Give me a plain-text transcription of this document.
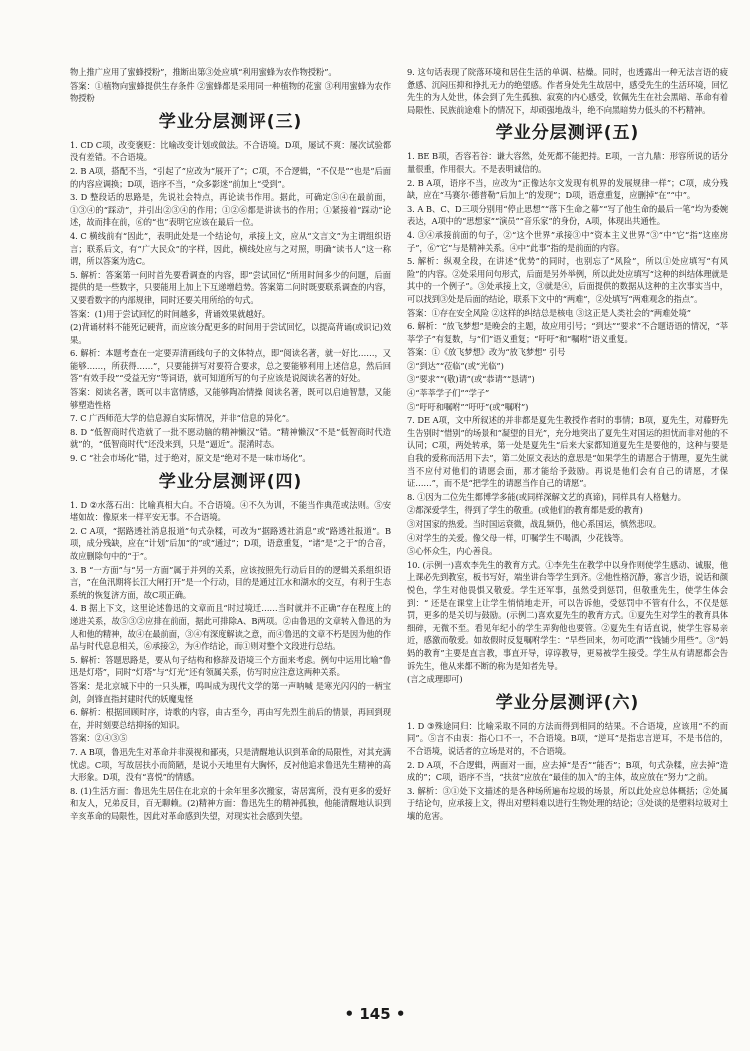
物上推广应用了蜜蜂授粉”，推断出第③处应填“利用蜜蜂为农作物授粉”。

答案：①植物向蜜蜂提供生存条件 ②蜜蜂都是采用同一种植物的花蜜 ③利用蜜蜂为农作物授粉

学业分层测评(三)

1. CD C项，改变褒贬：比喻改变计划或做法。不合语境。D项，屡试不爽：屡次试验都没有差错。不合语境。

2. B A项，搭配不当，“引起了”应改为“展开了”；C项，不合逻辑，“不仅是”“也是”后面的内容应调换；D项，语序不当，“众多影迷”前加上“受到”。

3. D 整段话的思路是，先说社会特点，再论读书作用。据此，可确定⑤④在最前面，①③④的“踩动”，并引出②③④的作用；①②⑥都是讲读书的作用；①紧接着“踩动”论述，故而排在前，⑥的“也”表明它应该在最后一位。

4. C 横线前有“因此”，表明此处是一个结论句，承接上文，应从“文言文”为主谓组织语言；联系后文，有“广大民众”的字样，因此，横线处应与之对照，明确“读书人”这一称谓，所以答案为选C。

5. 解析：答案第一问时首先要看调查的内容，即“尝试回忆”所用时间多少的问题，后面提供的是一些数字，只要能用上加上下互递增趋势。答案第二问时既要联系调查的内容，又要看数字的内部规律，同时还要关用所给的句式。

答案：(1)用于尝试回忆的时间越多，背诵效果就越好。

(2)背诵材料不能死记硬背，而应该分配更多的时间用于尝试回忆，以提高背诵(或识记)效果。

6. 解析：本题考查在一定要弄清画线句子的文体特点，即“阅读名著，就一好比……，又能够……，所获得……”，只要能拼写对要符合要求，总之要能够利用上述信息，然后回答“有效手段”“受益无穷”等词语，就可知道所写的句子应该是说阅读名著的好处。

答案：阅读名著，既可以丰富情感，又能够陶冶情操 阅读名著，既可以启迪智慧，又能够塑造性格

7. C 广西师范大学的信息源自实际情况，并非“信息的异化”。

8. D “低智商时代造就了一批不愿动脑的精神懒汉”错。“精神懒汉”不是“低智商时代造就”的，“低智商时代”还没来到，只是“逼近”。混淆时态。

9. C “社会市场化”错，过于绝对，原文是“绝对不是一味市场化”。

学业分层测评(四)

1. D ②水落石出：比喻真相大白。不合语境。④不久为训，不能当作典范或法则。⑤安堵如故：像原来一样平安无事。不合语境。

2. C A项，“据路透社消息报道”句式杂糅，可改为“据路透社消息”或“路透社报道”。B项，成分残缺，应在“计划”后加“的”或“通过”；D项，语意重复，“诸”是“之于”的合音，故应删除句中的“于”。

3. B “一方面”与“另一方面”属于并列的关系，应该按照先行动后目的的逻辑关系组织语言，“在鱼汛期将长江大闸打开”是一个行动，目的是通过江水和湖水的交互，有利于生态系统的恢复济方面，故C项正确。

4. B 据上下文，这里论述鲁迅的文章而且“时过境迁……当时就并不正确”存在程度上的递进关系，故⑤③②应排在前面，据此可排除A、B两项。②由鲁迅的文章转入鲁迅的为人和他的精神，故④在最前面，③④有深度解读之意，而④鲁迅的文章不朽是因为他的作品与时代息息相关，⑥承接②，为④作结论，而①则对整个文段进行总结。

5. 解析：答题思路是，要从句子结构和修辞及语境三个方面来考虑。例句中运用比喻“鲁迅是灯塔”，同时“灯塔”与“灯光”还有领属关系，仿写时应注意这两种关系。

答案：是北京城下中的一只头雁，鸣叫成为现代文学的第一声呐喊 是寒光闪闪的一柄宝剑，剑锋直指封建时代的妖魔鬼怪

6. 解析：根据回顾时序，诗歌的内容，由古至今，再由写先烈生前后的情景，再回到现在，并时刻要总结抑扬的知识。

答案：②④③⑤

7. A B项，鲁迅先生对革命并非漠视和鄙夷，只是清醒地认识到革命的局限性，对其充满忧虑。C项，写故居扶小而简陋，是说小天地里有大胸怀，反衬他追求鲁迅先生精神的高大形象。D项，没有“喜悦”的情感。

8. (1)生活方面：鲁迅先生居住在北京的十余年里多次搬家，寄居寓所，没有更多的爱好和友人，兄弟反目，百无聊赖。(2)精神方面：鲁迅先生的精神孤独，他能清醒地认识到辛亥革命的局限性，因此对革命感到失望，对现实社会感到失望。

9. 这句话表现了院落环境和居住生活的单调、枯燥。同时，也透露出一种无法言语的疲惫感、沉闷压抑和挣扎无力的绝望感。作者身处先生故居中，感受先生的生活环境，回忆先生的为人处世，体会到了先生孤独、寂寞的内心感受，钦佩先生在社会黑暗、革命有着局限性、民族前途难卜的情况下，却顽强地战斗，绝不向黑暗势力低头的不朽精神。

学业分层测评(五)

1. BE B项，否容若谷：谦大容然，处死都不能把持。E项，一言九鼎：形容所说的话分量很重，作用很大。不是表明诚信的。

2. B A项，语序不当，应改为“正像达尔文发现有机界的发展规律一样”；C项，成分残缺，应在“马赛尔·德普勒”后加上“的发现”；D项，语意重复，应删掉“在”“中”。

3. A B、C、D三项分别用“停止思想”“落下生命之幕”“写了他生命的最后一笔”均为委婉表达，A项中的“思想家”“演员”“音乐家”的身份，A项，体现出共通性。

4. ③④承接前面的句子，②“这个世界”承接③中“资本主义世界”③“中”它“指”这座房子”，⑥“它”与是精神关系。④中“此事”指的是前面的内容。

5. 解析：纵观全段，在讲述“优势”的同时，也别忘了“风险”，所以①处应填写“有风险”的内容。②处采用问句形式，后面是另外举例，所以此处应填写“这种的纠结体理就是其中的一个例子”。③处承接上文，③就是④，后面提供的数据从这种的主次事实当中，可以找到③处是后面的结论，联系下文中的“两难”，②处填写“两难观念的指点”。

答案：①存在安全风险 ②这样的纠结总是核电 ③这正是人类社会的“两难处境”

6. 解析：“放飞梦想”是晚会的主题，故应用引号；“到达”“要求”不合题语语的情况，“莘莘学子”有复数，与“们”语义重复；“吁吁”和“嘱咐”语义重复。

答案：①《放飞梦想》改为“放飞梦想” 引号

②“到达”“莅临”(或“光临”)

③“要求”“(敬)请”(或“恭请”“恳请”)

④“莘莘学子们”“学子”

⑤“吁吁和嘱咐”“吁吁”(或“嘱咐”)

7. DE A项，文中所叙述的并非都是夏先生教授作者时的事情；B项，夏先生，对藤野先生告别时“惜别”的场景和“凝望的目光”，充分地突出了夏先生对国运的担忧而非对他的不认同；C项，两处转承，第一处是夏先生“后来大家都知道夏先生是要他的，这种与要是自我的爱称而活用下去”，第二处原文表达的意思是“如果学生的请愿合于情理，夏先生就当不应付对他们的请愿会面，那才能给予鼓励。再说是他们会有自己的请愿，才保证……”，而不是“把学生的请愿当作自己的请愿”。

8. ①因为二位先生都博学多能(或同样深解文艺的真谛)，同样具有人格魅力。

②都深爱学生，得到了学生的敬重。(或他们的教育都是爱的教育)

③对国家的热爱。当时国运衰微，战乱频仍，他心系国运，慎然悲叹。

④对学生的关爱。像父母一样，叮嘱学生不喝酒，少花钱等。

⑤心怀众生，内心善良。

10. (示例一)喜欢李先生的教育方式。①李先生在教学中以身作则使学生感动、诚服，他上课必先到教室，板书写好，端坐讲台等学生到齐。②他性格沉静，寡言少语，说话和颜悦色，学生对他畏惧又敬爱。学生还军事，虽然受到惩罚，但敬重先生，使学生体会到：“ 还是在课堂上让学生悄悄地走开，可以告诉他，受惩罚中不管有什么，不仅是惩罚，更多的是关切与鼓励。(示例二)喜欢夏先生的教育方式。①夏先生对学生的教育具体细碎，无微不至。看见年纪小的学生弄狗他也要管。②夏先生有话直说，使学生容易亲近，感激而敬爱。如故假时反复嘱咐学生：“早些回来，勿可吃酒”“钱铺少用些”。③“妈妈的教育”主要是直言教，事直开导，谆谆教导，更易被学生接受。学生从有请愿都会告诉先生，他从来都不断的称为是知者先导。

(言之成理即可)

学业分层测评(六)

1. D ③殊途同归：比喻采取不同的方法而得到相同的结果。不合语境，应该用“不约而同”。⑤言不由衷：指心口不一，不合语境。B项，“逆耳”是指忠言逆耳，不是书信的，不合语境，说话者的立场是对的，不合语境。

2. D A项，不合逻辑，两面对一面，应去掉“是否”“能否”；B项，句式杂糅，应去掉“造成的”；C项，语序不当，“扶贫”应放在“最佳的加入”的主体，故应放在“努力”之前。

3. 解析：③①处下文描述的是各种场所遍布垃圾的场景，所以此处应总体概括；②处属于结论句，应承接上文，得出对塑料难以进行生物处理的结论；③处谈的是塑料垃圾对土壤的危害。

• 145 •
